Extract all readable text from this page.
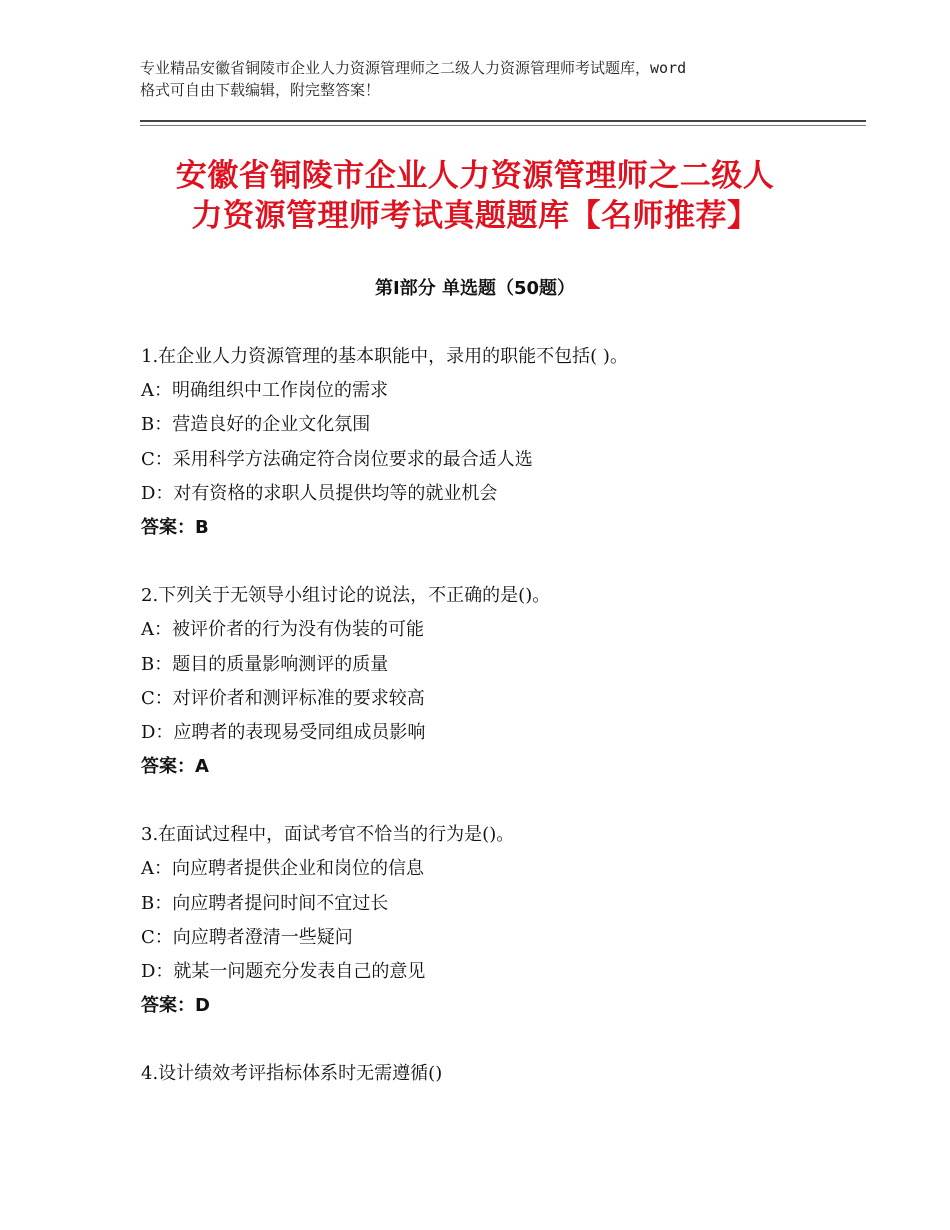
专业精品安徽省铜陵市企业人力资源管理师之二级人力资源管理师考试题库，word
格式可自由下载编辑，附完整答案！
安徽省铜陵市企业人力资源管理师之二级人
力资源管理师考试真题题库【名师推荐】
第Ⅰ部分 单选题（50题）
1.在企业人力资源管理的基本职能中，录用的职能不包括( )。
A：明确组织中工作岗位的需求
B：营造良好的企业文化氛围
C：采用科学方法确定符合岗位要求的最合适人选
D：对有资格的求职人员提供均等的就业机会
答案：B
2.下列关于无领导小组讨论的说法，不正确的是()。
A：被评价者的行为没有伪装的可能
B：题目的质量影响测评的质量
C：对评价者和测评标准的要求较高
D：应聘者的表现易受同组成员影响
答案：A
3.在面试过程中，面试考官不恰当的行为是()。
A：向应聘者提供企业和岗位的信息
B：向应聘者提问时间不宜过长
C：向应聘者澄清一些疑问
D：就某一问题充分发表自己的意见
答案：D
4.设计绩效考评指标体系时无需遵循()
